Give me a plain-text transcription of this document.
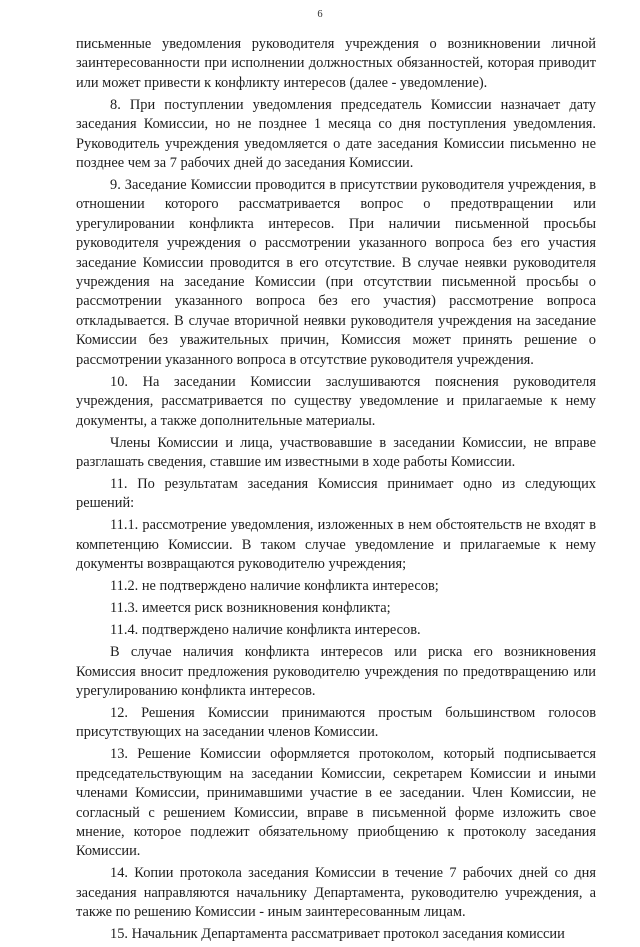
6

письменные уведомления руководителя учреждения о возникновении личной заинтересованности при исполнении должностных обязанностей, которая приводит или может привести к конфликту интересов (далее - уведомление).

8. При поступлении уведомления председатель Комиссии назначает дату заседания Комиссии, но не позднее 1 месяца со дня поступления уведомления. Руководитель учреждения уведомляется о дате заседания Комиссии письменно не позднее чем за 7 рабочих дней до заседания Комиссии.

9. Заседание Комиссии проводится в присутствии руководителя учреждения, в отношении которого рассматривается вопрос о предотвращении или урегулировании конфликта интересов. При наличии письменной просьбы руководителя учреждения о рассмотрении указанного вопроса без его участия заседание Комиссии проводится в его отсутствие. В случае неявки руководителя учреждения на заседание Комиссии (при отсутствии письменной просьбы о рассмотрении указанного вопроса без его участия) рассмотрение вопроса откладывается. В случае вторичной неявки руководителя учреждения на заседание Комиссии без уважительных причин, Комиссия может принять решение о рассмотрении указанного вопроса в отсутствие руководителя учреждения.

10. На заседании Комиссии заслушиваются пояснения руководителя учреждения, рассматривается по существу уведомление и прилагаемые к нему документы, а также дополнительные материалы.

Члены Комиссии и лица, участвовавшие в заседании Комиссии, не вправе разглашать сведения, ставшие им известными в ходе работы Комиссии.

11. По результатам заседания Комиссия принимает одно из следующих решений:

11.1. рассмотрение уведомления, изложенных в нем обстоятельств не входят в компетенцию Комиссии. В таком случае уведомление и прилагаемые к нему документы возвращаются руководителю учреждения;

11.2. не подтверждено наличие конфликта интересов;

11.3. имеется риск возникновения конфликта;

11.4. подтверждено наличие конфликта интересов.

В случае наличия конфликта интересов или риска его возникновения Комиссия вносит предложения руководителю учреждения по предотвращению или урегулированию конфликта интересов.

12. Решения Комиссии принимаются простым большинством голосов присутствующих на заседании членов Комиссии.

13. Решение Комиссии оформляется протоколом, который подписывается председательствующим на заседании Комиссии, секретарем Комиссии и иными членами Комиссии, принимавшими участие в ее заседании. Член Комиссии, не согласный с решением Комиссии, вправе в письменной форме изложить свое мнение, которое подлежит обязательному приобщению к протоколу заседания Комиссии.

14. Копии протокола заседания Комиссии в течение 7 рабочих дней со дня заседания направляются начальнику Департамента, руководителю учреждения, а также по решению Комиссии - иным заинтересованным лицам.

15. Начальник Департамента рассматривает протокол заседания комиссии
